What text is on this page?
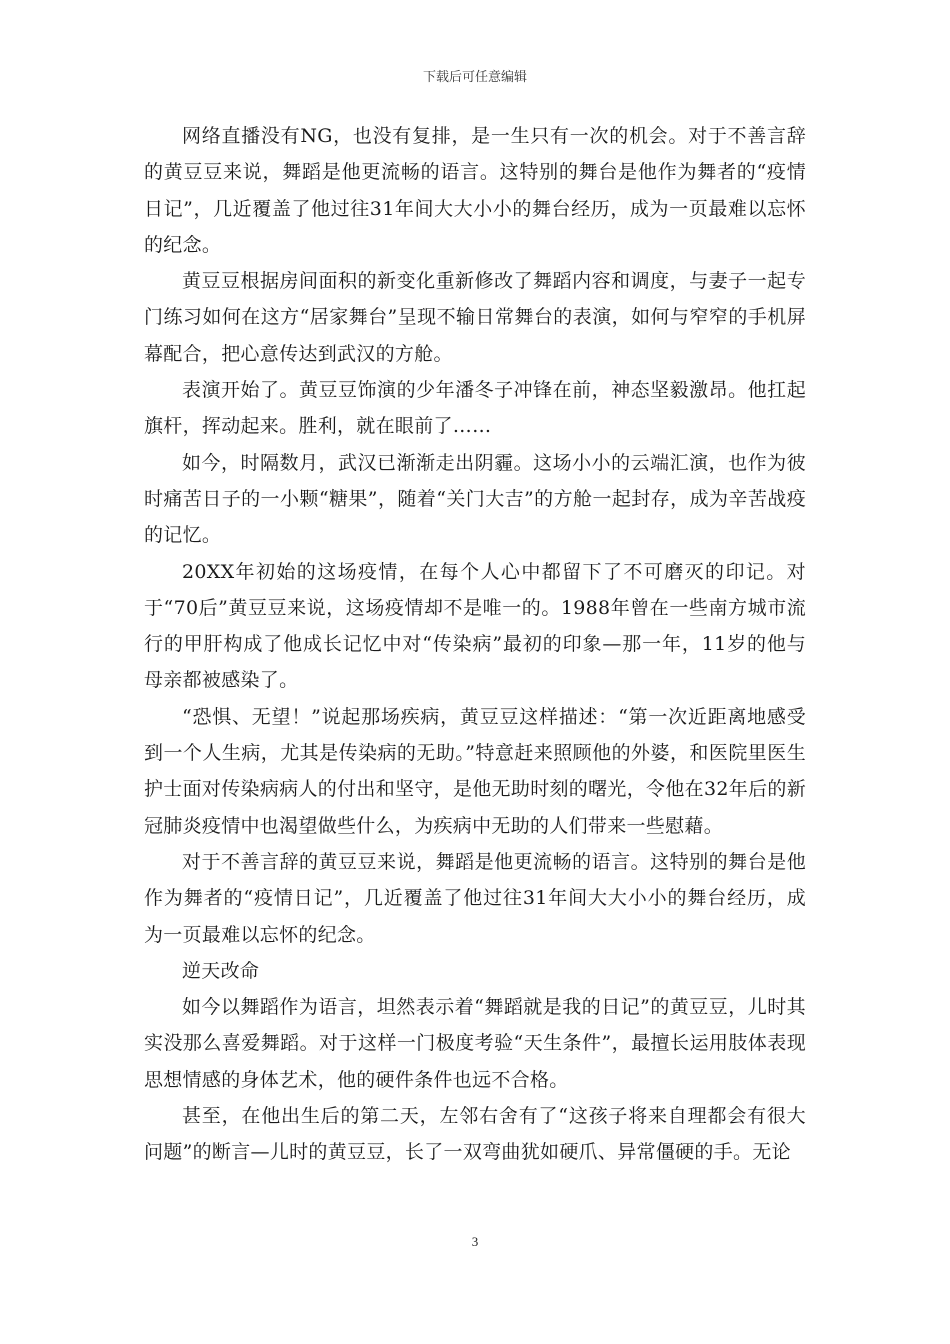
下载后可任意编辑

网络直播没有NG，也没有复排，是一生只有一次的机会。对于不善言辞的黄豆豆来说，舞蹈是他更流畅的语言。这特别的舞台是他作为舞者的“疫情日记”，几近覆盖了他过往31年间大大小小的舞台经历，成为一页最难以忘怀的纪念。

黄豆豆根据房间面积的新变化重新修改了舞蹈内容和调度，与妻子一起专门练习如何在这方“居家舞台”呈现不输日常舞台的表演，如何与窄窄的手机屏幕配合，把心意传达到武汉的方舱。

表演开始了。黄豆豆饰演的少年潘冬子冲锋在前，神态坚毅激昂。他扛起旗杆，挥动起来。胜利，就在眼前了……

如今，时隔数月，武汉已渐渐走出阴霾。这场小小的云端汇演，也作为彼时痛苦日子的一小颗“糖果”，随着“关门大吉”的方舱一起封存，成为辛苦战疫的记忆。

20XX年初始的这场疫情，在每个人心中都留下了不可磨灭的印记。对于“70后”黄豆豆来说，这场疫情却不是唯一的。1988年曾在一些南方城市流行的甲肝构成了他成长记忆中对“传染病”最初的印象—那一年，11岁的他与母亲都被感染了。

“恐惧、无望！”说起那场疾病，黄豆豆这样描述：“第一次近距离地感受到一个人生病，尤其是传染病的无助。”特意赶来照顾他的外婆，和医院里医生护士面对传染病病人的付出和坚守，是他无助时刻的曙光，令他在32年后的新冠肺炎疫情中也渴望做些什么，为疾病中无助的人们带来一些慰藉。

对于不善言辞的黄豆豆来说，舞蹈是他更流畅的语言。这特别的舞台是他作为舞者的“疫情日记”，几近覆盖了他过往31年间大大小小的舞台经历，成为一页最难以忘怀的纪念。

逆天改命

如今以舞蹈作为语言，坦然表示着“舞蹈就是我的日记”的黄豆豆，儿时其实没那么喜爱舞蹈。对于这样一门极度考验“天生条件”，最擅长运用肢体表现思想情感的身体艺术，他的硬件条件也远不合格。

甚至，在他出生后的第二天，左邻右舍有了“这孩子将来自理都会有很大问题”的断言—儿时的黄豆豆，长了一双弯曲犹如硬爪、异常僵硬的手。无论

3
